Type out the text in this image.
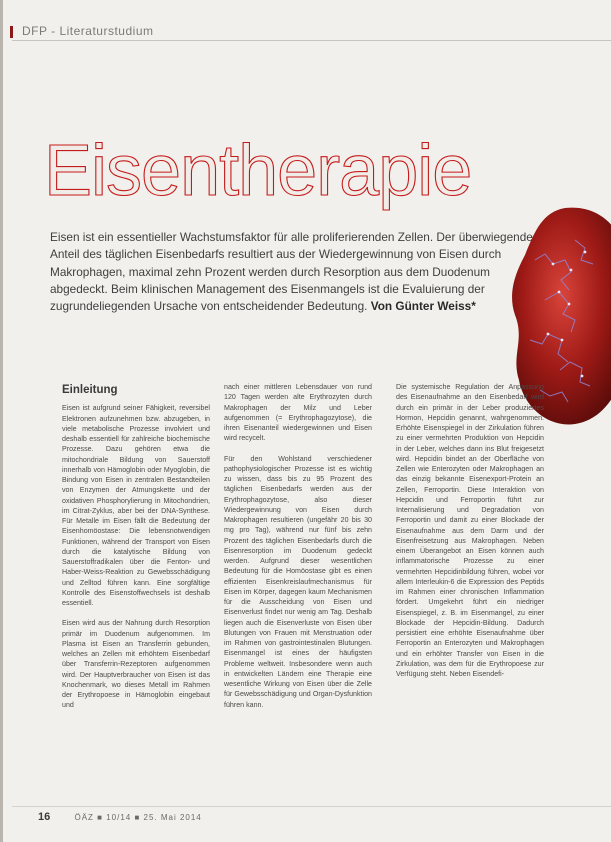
DFP - Literaturstudium
Eisentherapie
Eisen ist ein essentieller Wachstumsfaktor für alle proliferierenden Zellen. Der überwiegende Anteil des täglichen Eisenbedarfs resultiert aus der Wiedergewinnung von Eisen durch Makrophagen, maximal zehn Prozent werden durch Resorption aus dem Duodenum abgedeckt. Beim klinischen Management des Eisenmangels ist die Evaluierung der zugrundeliegenden Ursache von entscheidender Bedeutung. Von Günter Weiss*

Einleitung

Eisen ist aufgrund seiner Fähigkeit, reversibel Elektronen aufzunehmen bzw. abzugeben, in viele metabolische Prozesse involviert und deshalb essentiell für zahlreiche biochemische Prozesse. Dazu gehören etwa die mitochondriale Bildung von Sauerstoff innerhalb von Hämoglobin oder Myoglobin, die Bindung von Eisen in zentralen Bestandteilen von Enzymen der Atmungskette und der oxidativen Phosphorylierung in Mitochondrien, im Citrat-Zyklus, aber bei der DNA-Synthese. Für Metalle im Eisen fällt die Bedeutung der Eisenhomöostase: Die lebensnotwendigen Funktionen, während der Transport von Eisen durch die katalytische Bildung von Sauerstoffradikalen über die Fenton- und Haber-Weiss-Reaktion zu Gewebsschädigung und Zelltod führen kann. Eine sorgfältige Kontrolle des Eisenstoffwechsels ist deshalb essentiell.

Eisen wird aus der Nahrung durch Resorption primär im Duodenum aufgenommen. Im Plasma ist Eisen an Transferrin gebunden, welches an Zellen mit erhöhtem Eisenbedarf über Transferrin-Rezeptoren aufgenommen wird. Der Hauptverbraucher von Eisen ist das Knochenmark, wo dieses Metall im Rahmen der Erythropoese in Hämoglobin eingebaut und

nach einer mittleren Lebensdauer von rund 120 Tagen werden alte Erythrozyten durch Makrophagen der Milz und Leber aufgenommen (= Erythrophagozytose), die ihren Eisenanteil wiedergewinnen und Eisen wird recycelt.

Für den Wohlstand verschiedener pathophysiologischer Prozesse ist es wichtig zu wissen, dass bis zu 95 Prozent des täglichen Eisenbedarfs werden aus der Erythrophagozytose, also dieser Wiedergewinnung von Eisen durch Makrophagen resultieren (ungefähr 20 bis 30 mg pro Tag), während nur fünf bis zehn Prozent des täglichen Eisenbedarfs durch die Eisenresorption im Duodenum gedeckt werden. Aufgrund dieser wesentlichen Bedeutung für die Homöostase gibt es einen effizienten Eisenkreislaufmechanismus für Eisen im Körper, dagegen kaum Mechanismen für die Ausscheidung von Eisen und Eisenverlust findet nur wenig am Tag. Deshalb liegen auch die Eisenverluste von Eisen über Blutungen von Frauen mit Menstruation oder im Rahmen von gastrointestinalen Blutungen. Eisenmangel ist eines der häufigsten Probleme weltweit. Insbesondere wenn auch in entwickelten Ländern eine Therapie eine wesentliche Wirkung von Eisen über die Zelle für Gewebsschädigung und Organ-Dysfunktion führen kann.

Die systemische Regulation der Anpassung des Eisenaufnahme an den Eisenbedarf wird durch ein primär in der Leber produziertes Hormon, Hepcidin genannt, wahrgenommen. Erhöhte Eisenspiegel in der Zirkulation führen zu einer vermehrten Produktion von Hepcidin in der Leber, welches dann ins Blut freigesetzt wird. Hepcidin bindet an der Oberfläche von Zellen wie Enterozyten oder Makrophagen an das einzig bekannte Eisenexport-Protein an Zellen, Ferroportin. Diese Interaktion von Hepcidin und Ferroportin führt zur Internalisierung und Degradation von Ferroportin und damit zu einer Blockade der Eisenaufnahme aus dem Darm und der Eisenfreisetzung aus Makrophagen. Neben einem Überangebot an Eisen können auch inflammatorische Prozesse zu einer vermehrten Hepcidinbildung führen, wobei vor allem Interleukin-6 die Expression des Peptids im Rahmen einer chronischen Inflammation fördert. Umgekehrt führt ein niedriger Eisenspiegel, z. B. im Eisenmangel, zu einer Blockade der Hepcidin-Bildung. Dadurch persistiert eine erhöhte Eisenaufnahme über Ferroportin an Enterozyten und Makrophagen und ein erhöhter Transfer von Eisen in die Zirkulation, was dem für die Erythropoese zur Verfügung steht. Neben Eisendefi-

16	ÖÄZ ■ 10/14 ■ 25. Mai 2014
